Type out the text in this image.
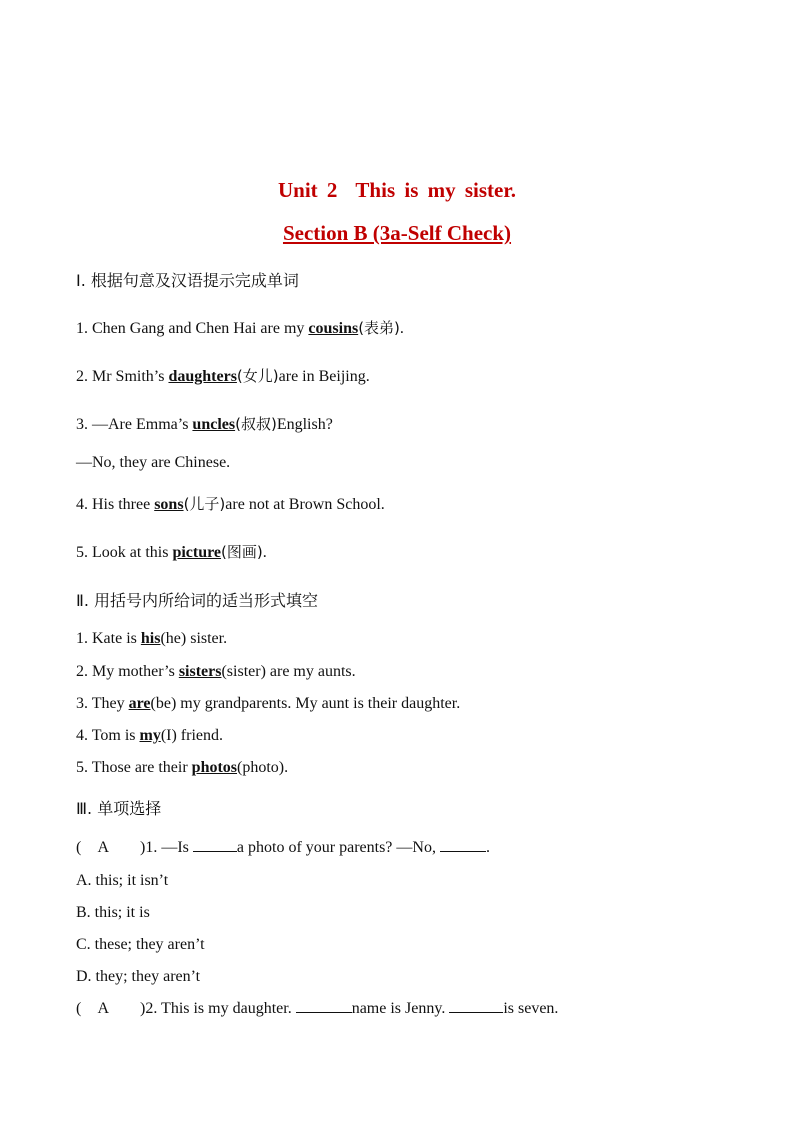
Unit 2 This is my sister.
Section B (3a-Self Check)
Ⅰ. 根据句意及汉语提示完成单词
1. Chen Gang and Chen Hai are my cousins(表弟).
2. Mr Smith’s daughters(女儿)are in Beijing.
3. —Are Emma’s uncles(叔叔)English?
—No, they are Chinese.
4. His three sons(儿子)are not at Brown School.
5. Look at this picture(图画).
Ⅱ. 用括号内所给词的适当形式填空
1. Kate is his(he) sister.
2. My mother’s sisters(sister) are my aunts.
3. They are(be) my grandparents. My aunt is their daughter.
4. Tom is my(I) friend.
5. Those are their photos(photo).
Ⅲ. 单项选择
( A )1. —Is	a photo of your parents? —No,	.
A. this; it isn’t
B. this; it is
C. these; they aren’t
D. they; they aren’t
( A )2. This is my daughter.	name is Jenny.	is seven.
